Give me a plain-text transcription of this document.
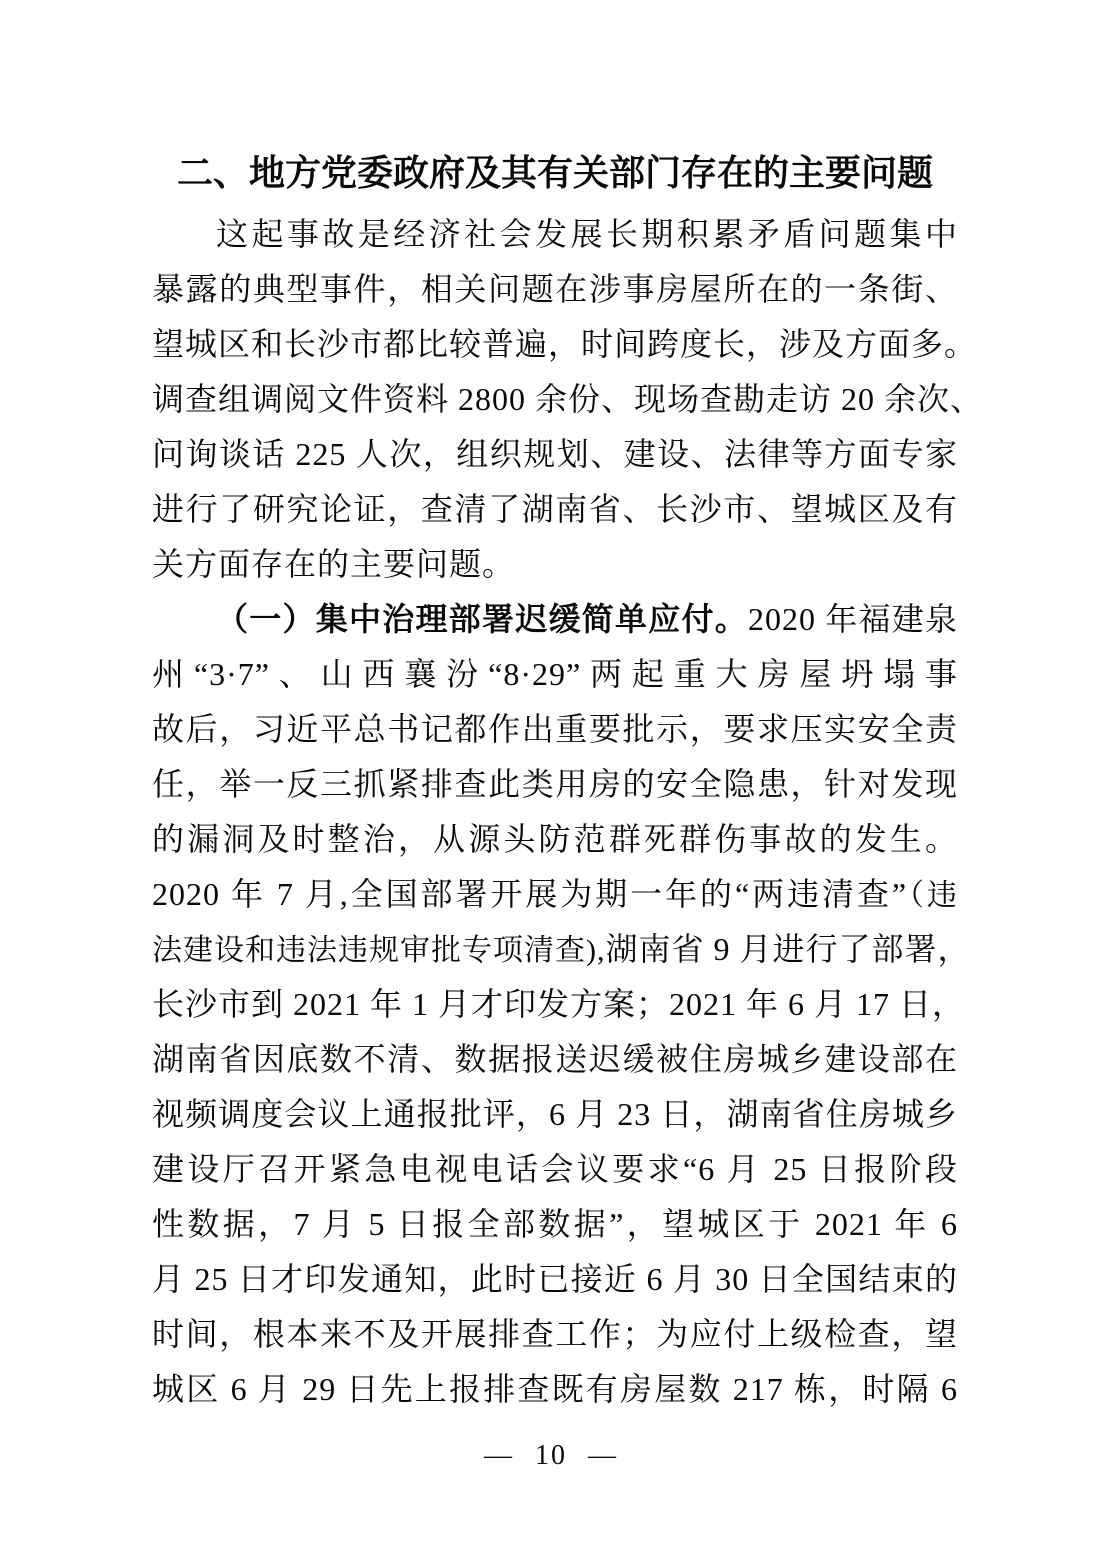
二、地方党委政府及其有关部门存在的主要问题
这起事故是经济社会发展长期积累矛盾问题集中
暴露的典型事件，相关问题在涉事房屋所在的一条街、
望城区和长沙市都比较普遍，时间跨度长，涉及方面多。
调查组调阅文件资料 2800 余份、现场查勘走访 20 余次、
问询谈话 225 人次，组织规划、建设、法律等方面专家
进行了研究论证，查清了湖南省、长沙市、望城区及有
关方面存在的主要问题。
（一）集中治理部署迟缓简单应付。2020 年福建泉
州“3·7”、山西襄汾“8·29”两起重大房屋坍塌事
故后，习近平总书记都作出重要批示，要求压实安全责
任，举一反三抓紧排查此类用房的安全隐患，针对发现
的漏洞及时整治，从源头防范群死群伤事故的发生。
2020 年 7 月,全国部署开展为期一年的“两违清查”（违
法建设和违法违规审批专项清查),湖南省 9 月进行了部署，
长沙市到 2021 年 1 月才印发方案；2021 年 6 月 17 日，
湖南省因底数不清、数据报送迟缓被住房城乡建设部在
视频调度会议上通报批评，6 月 23 日，湖南省住房城乡
建设厅召开紧急电视电话会议要求“6 月 25 日报阶段
性数据，7 月 5 日报全部数据”，望城区于 2021 年 6
月 25 日才印发通知，此时已接近 6 月 30 日全国结束的
时间，根本来不及开展排查工作；为应付上级检查，望
城区 6 月 29 日先上报排查既有房屋数 217 栋，时隔 6
— 10 —
